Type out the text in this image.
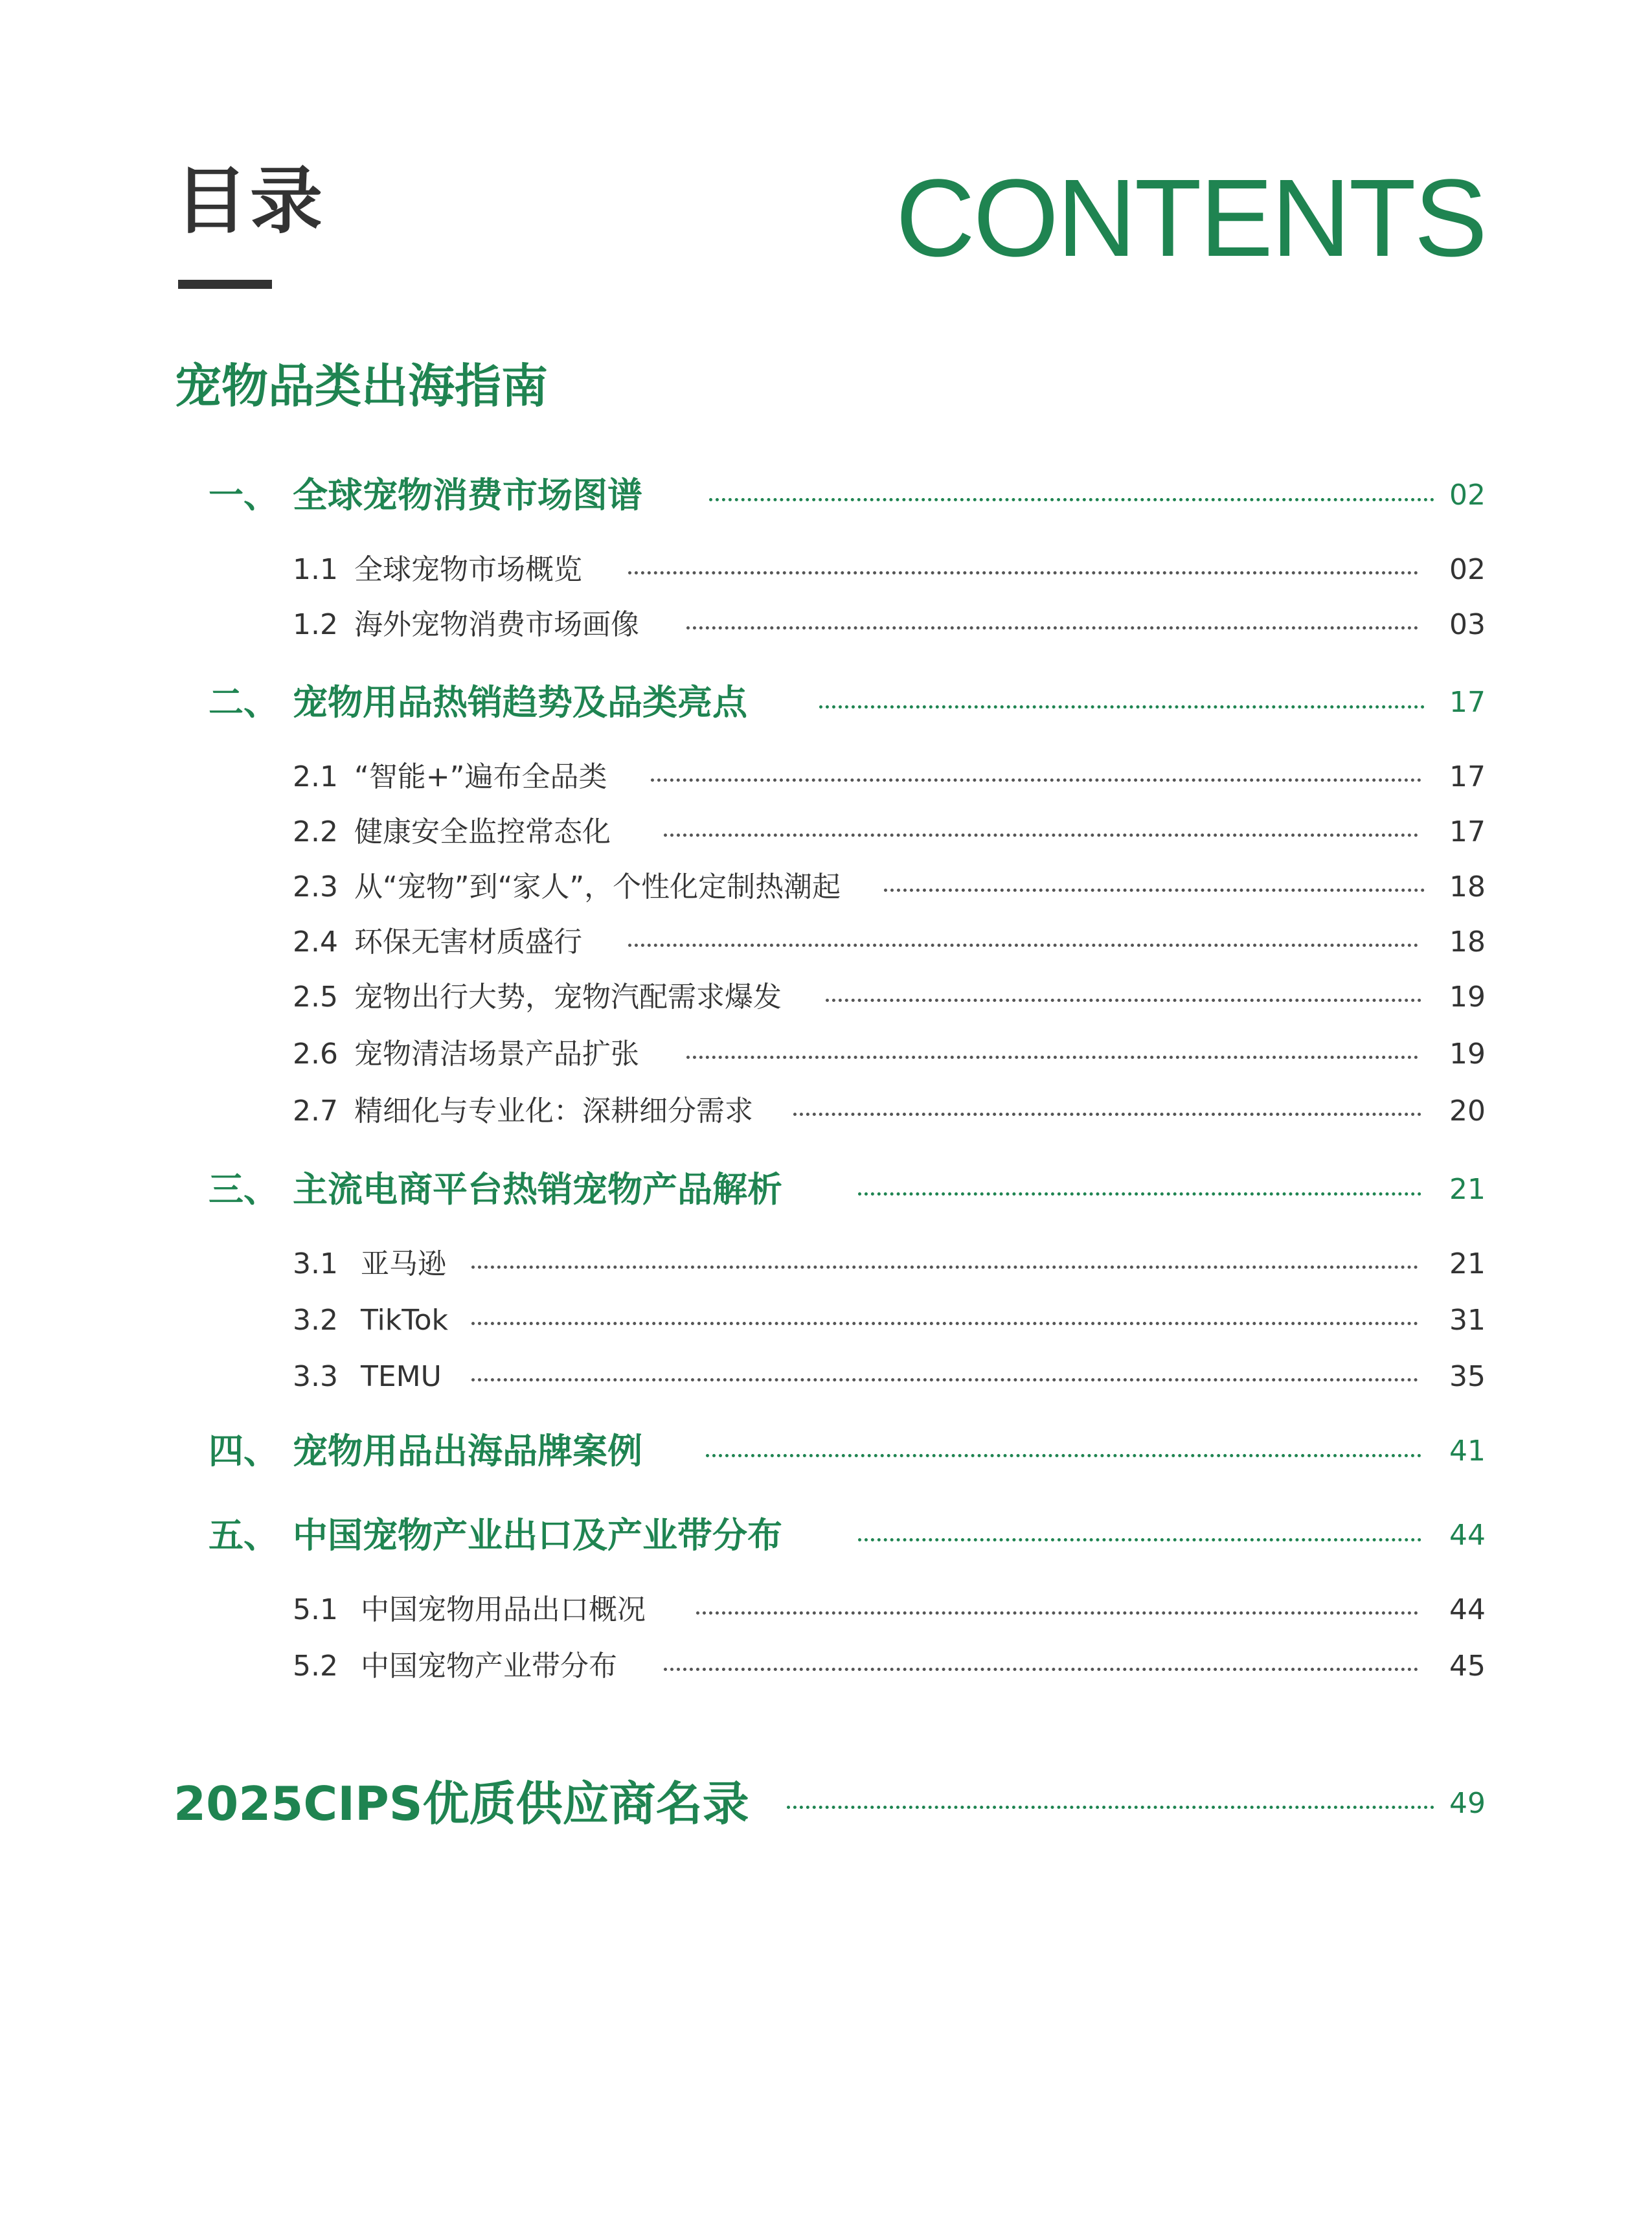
目录	CONTENTS
宠物品类出海指南
一、 全球宠物消费市场图谱	02
1.1 全球宠物市场概览	02
1.2 海外宠物消费市场画像	03
二、 宠物用品热销趋势及品类亮点	17
2.1 “智能+”遍布全品类	17
2.2 健康安全监控常态化	17
2.3 从“宠物”到“家人”，个性化定制热潮起	18
2.4 环保无害材质盛行	18
2.5 宠物出行大势，宠物汽配需求爆发	19
2.6 宠物清洁场景产品扩张	19
2.7 精细化与专业化：深耕细分需求	20
三、 主流电商平台热销宠物产品解析	21
3.1 亚马逊	21
3.2 TikTok	31
3.3 TEMU	35
四、 宠物用品出海品牌案例	41
五、 中国宠物产业出口及产业带分布	44
5.1 中国宠物用品出口概况	44
5.2 中国宠物产业带分布	45
2025CIPS优质供应商名录	49
